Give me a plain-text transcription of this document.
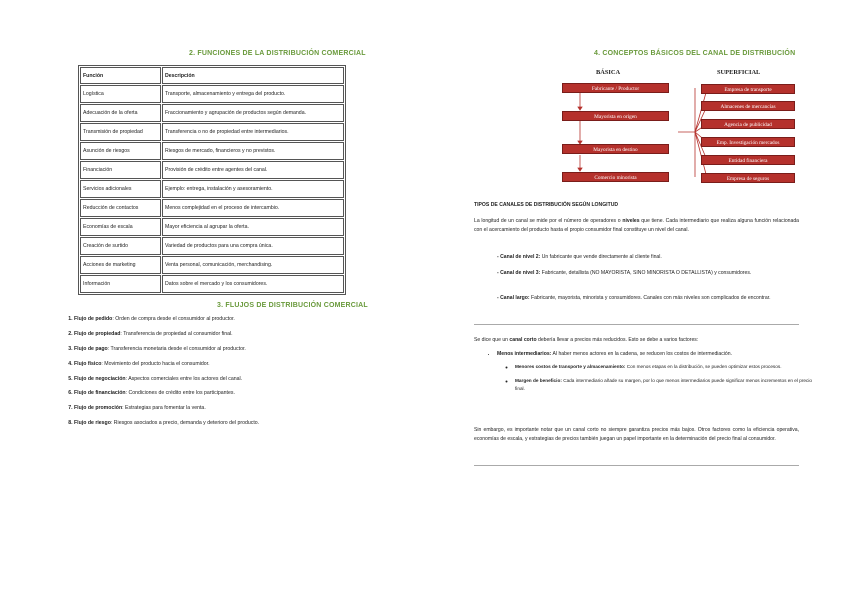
2. FUNCIONES DE LA DISTRIBUCIÓN COMERCIAL
Función	Descripción
Logística	Transporte, almacenamiento y entrega del producto.
Adecuación de la oferta	Fraccionamiento y agrupación de productos según demanda.
Transmisión de propiedad	Transferencia o no de propiedad entre intermediarios.
Asunción de riesgos	Riesgos de mercado, financieros y no previstos.
Financiación	Provisión de crédito entre agentes del canal.
Servicios adicionales	Ejemplo: entrega, instalación y asesoramiento.
Reducción de contactos	Menos complejidad en el proceso de intercambio.
Economías de escala	Mayor eficiencia al agrupar la oferta.
Creación de surtido	Variedad de productos para una compra única.
Acciones de marketing	Venta personal, comunicación, merchandising.
Información	Datos sobre el mercado y los consumidores.
3. FLUJOS DE DISTRIBUCIÓN COMERCIAL
1. Flujo de pedido: Orden de compra desde el consumidor al productor.
2. Flujo de propiedad: Transferencia de propiedad al consumidor final.
3. Flujo de pago: Transferencia monetaria desde el consumidor al productor.
4. Flujo físico: Movimiento del producto hacia el consumidor.
5. Flujo de negociación: Aspectos comerciales entre los actores del canal.
6. Flujo de financiación: Condiciones de crédito entre los participantes.
7. Flujo de promoción: Estrategias para fomentar la venta.
8. Flujo de riesgo: Riesgos asociados a precio, demanda y deterioro del producto.
4. CONCEPTOS BÁSICOS DEL CANAL DE DISTRIBUCIÓN
BÁSICA	SUPERFICIAL
Fabricante / Productor
Mayorista en origen
Mayorista en destino
Comercio minorista
Empresa de transporte
Almacenes de mercancías
Agencia de publicidad
Emp. Investigación mercados
Entidad financiera
Empresa de seguros
TIPOS DE CANALES DE DISTRIBUCIÓN SEGÚN LONGITUD
La longitud de un canal se mide por el número de operadores o niveles que tiene. Cada intermediario que realiza alguna función relacionada con el acercamiento del producto hasta el propio consumidor final constituye un nivel del canal.
- Canal de nivel 2: Un fabricante que vende directamente al cliente final.
- Canal de nivel 3: Fabricante, detallista (NO MAYORISTA, SINO MINORISTA O DETALLISTA) y consumidores.
- Canal largo: Fabricante, mayorista, minorista y consumidores. Canales con más niveles son complicados de encontrar.
Se dice que un canal corto debería llevar a precios más reducidos. Esto se debe a varios factores:
• Menos intermediarios: Al haber menos actores en la cadena, se reducen los costos de intermediación.
◦ Menores costos de transporte y almacenamiento: Con menos etapas en la distribución, se pueden optimizar estos procesos.
◦ Margen de beneficio: Cada intermediario añade su margen, por lo que menos intermediarios puede significar menos incrementos en el precio final.
Sin embargo, es importante notar que un canal corto no siempre garantiza precios más bajos. Otros factores como la eficiencia operativa, economías de escala, y estrategias de precios también juegan un papel importante en la determinación del precio final al consumidor.
